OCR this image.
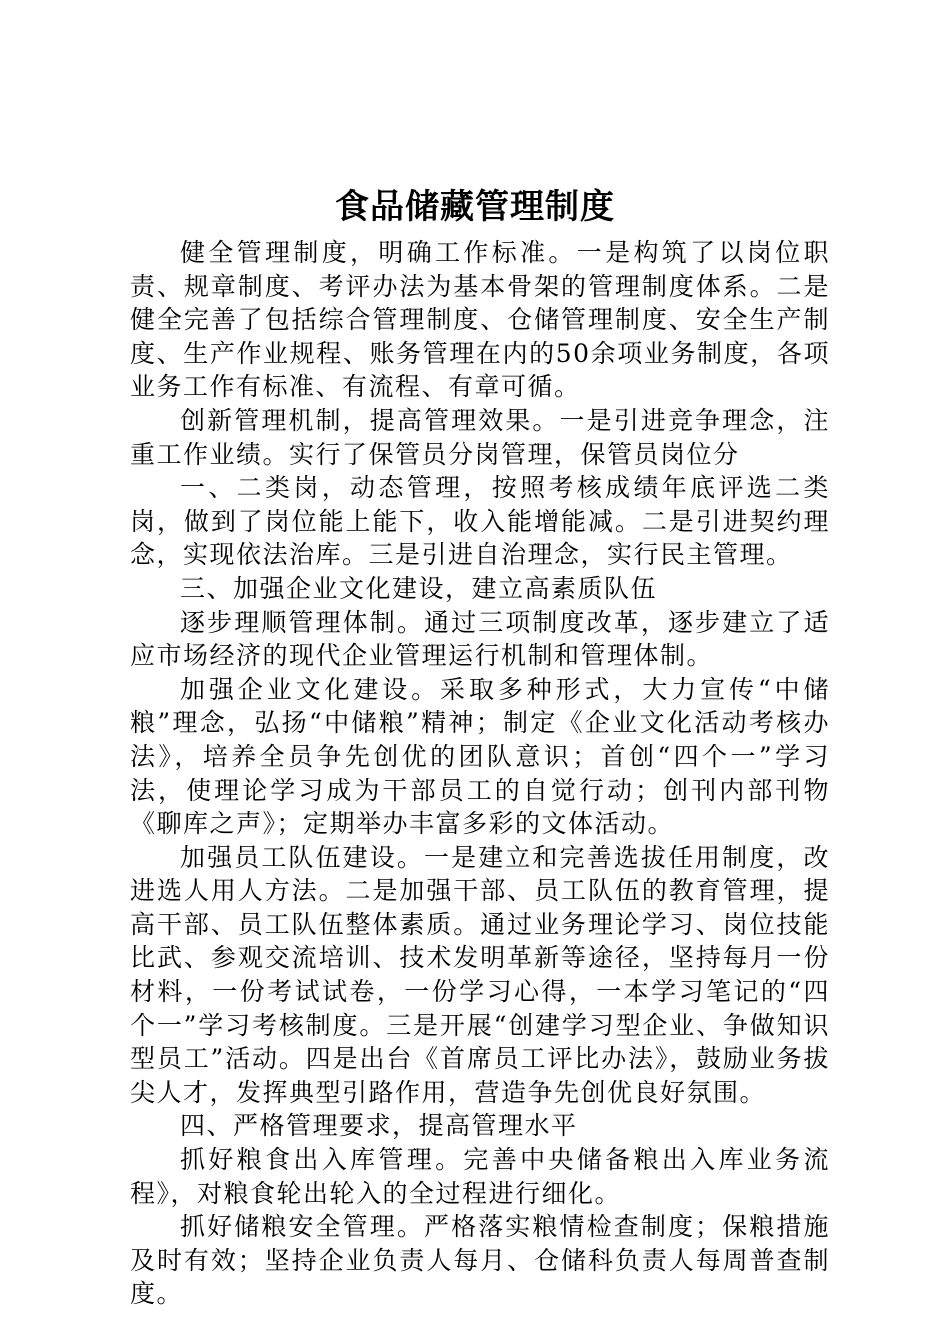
食品储藏管理制度

健全管理制度，明确工作标准。一是构筑了以岗位职责、规章制度、考评办法为基本骨架的管理制度体系。二是健全完善了包括综合管理制度、仓储管理制度、安全生产制度、生产作业规程、账务管理在内的50余项业务制度，各项业务工作有标准、有流程、有章可循。

创新管理机制，提高管理效果。一是引进竞争理念，注重工作业绩。实行了保管员分岗管理，保管员岗位分

一、二类岗，动态管理，按照考核成绩年底评选二类岗，做到了岗位能上能下，收入能增能减。二是引进契约理念，实现依法治库。三是引进自治理念，实行民主管理。

三、加强企业文化建设，建立高素质队伍

逐步理顺管理体制。通过三项制度改革，逐步建立了适应市场经济的现代企业管理运行机制和管理体制。

加强企业文化建设。采取多种形式，大力宣传“中储粮”理念，弘扬“中储粮”精神；制定《企业文化活动考核办法》，培养全员争先创优的团队意识；首创“四个一”学习法，使理论学习成为干部员工的自觉行动；创刊内部刊物《聊库之声》；定期举办丰富多彩的文体活动。

加强员工队伍建设。一是建立和完善选拔任用制度，改进选人用人方法。二是加强干部、员工队伍的教育管理，提高干部、员工队伍整体素质。通过业务理论学习、岗位技能比武、参观交流培训、技术发明革新等途径，坚持每月一份材料，一份考试试卷，一份学习心得，一本学习笔记的“四个一”学习考核制度。三是开展“创建学习型企业、争做知识型员工”活动。四是出台《首席员工评比办法》，鼓励业务拔尖人才，发挥典型引路作用，营造争先创优良好氛围。

四、严格管理要求，提高管理水平

抓好粮食出入库管理。完善中央储备粮出入库业务流程》，对粮食轮出轮入的全过程进行细化。

抓好储粮安全管理。严格落实粮情检查制度；保粮措施及时有效；坚持企业负责人每月、仓储科负责人每周普查制度。
